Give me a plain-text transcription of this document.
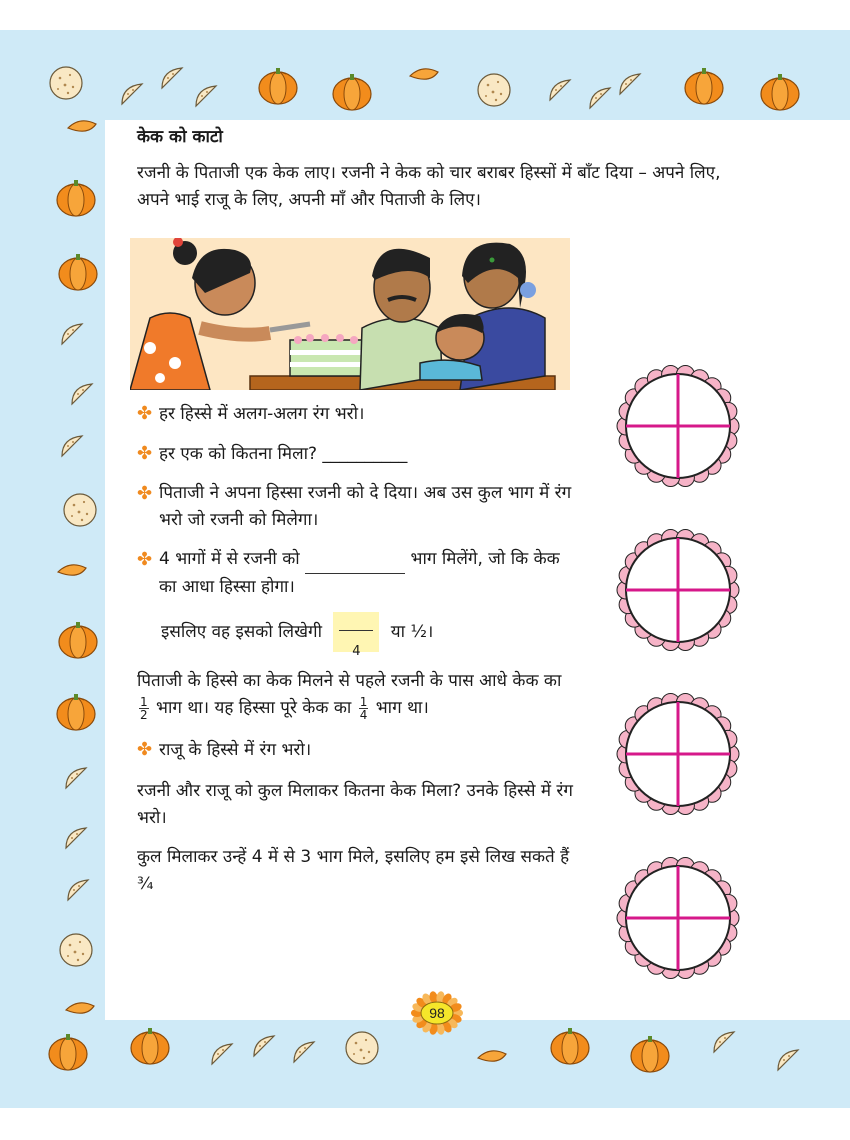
केक को काटो
रजनी के पिताजी एक केक लाए। रजनी ने केक को चार बराबर हिस्सों में बाँट दिया – अपने लिए, अपने भाई राजू के लिए, अपनी माँ और पिताजी के लिए।
✤ हर हिस्से में अलग-अलग रंग भरो।
✤ हर एक को कितना मिला? __________
✤ पिताजी ने अपना हिस्सा रजनी को दे दिया। अब उस कुल भाग में रंग भरो जो रजनी को मिलेगा।
✤ 4 भागों में से रजनी को	भाग मिलेंगे, जो कि केक का आधा हिस्सा होगा।
इसलिए वह इसको लिखेगी
4
या ½।
पिताजी के हिस्से का केक मिलने से पहले रजनी के पास आधे केक का
$\frac{1}{2}$ भाग था। यह हिस्सा पूरे केक का $\frac{1}{4}$ भाग था।
✤ राजू के हिस्से में रंग भरो।
रजनी और राजू को कुल मिलाकर कितना केक मिला? उनके हिस्से में रंग भरो।
कुल मिलाकर उन्हें 4 में से 3 भाग मिले, इसलिए हम इसे लिख सकते हैं ¾
98
